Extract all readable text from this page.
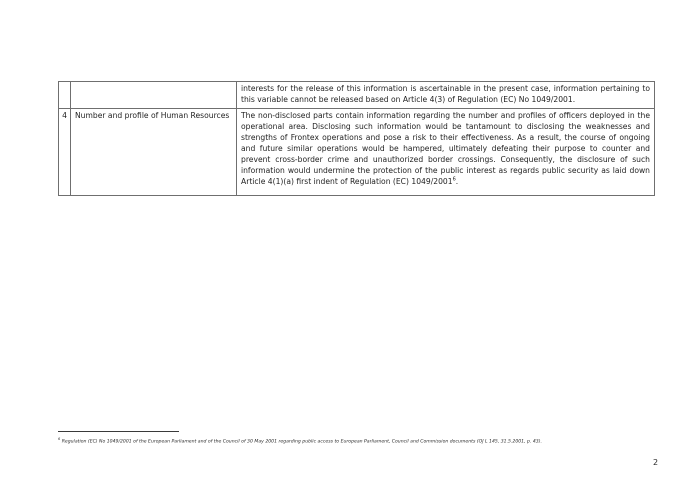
		interests for the release of this information is ascertainable in the present case, information pertaining to this variable cannot be released based on Article 4(3) of Regulation (EC) No 1049/2001.
4	Number and profile of Human Resources	The non-disclosed parts contain information regarding the number and profiles of officers deployed in the operational area. Disclosing such information would be tantamount to disclosing the weaknesses and strengths of Frontex operations and pose a risk to their effectiveness. As a result, the course of ongoing and future similar operations would be hampered, ultimately defeating their purpose to counter and prevent cross-border crime and unauthorized border crossings. Consequently, the disclosure of such information would undermine the protection of the public interest as regards public security as laid down Article 4(1)(a) first indent of Regulation (EC) 1049/2001$^6$.
$^6$ Regulation (EC) No 1049/2001 of the European Parliament and of the Council of 30 May 2001 regarding public access to European Parliament, Council and Commission documents (OJ L 145, 31.5.2001, p. 43).
2
